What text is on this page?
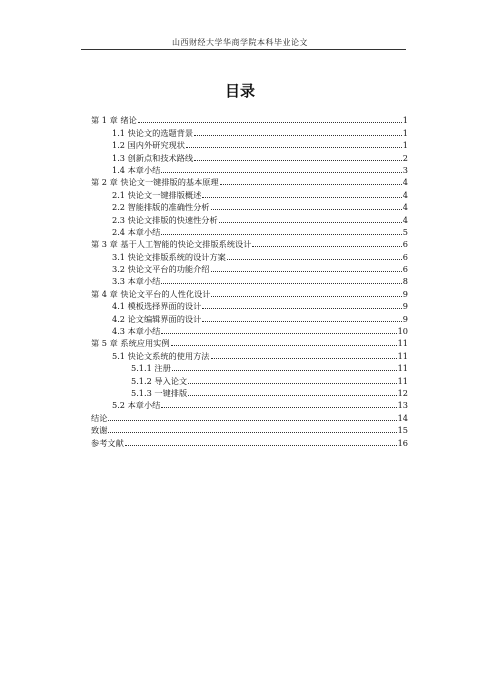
山西财经大学华商学院本科毕业论文
目录
第 1 章 绪论	1
1.1 快论文的选题背景	1
1.2 国内外研究现状	1
1.3 创新点和技术路线	2
1.4 本章小结	3
第 2 章 快论文一键排版的基本原理	4
2.1 快论文一键排版概述	4
2.2 智能排版的准确性分析	4
2.3 快论文排版的快速性分析	4
2.4 本章小结	5
第 3 章 基于人工智能的快论文排版系统设计	6
3.1 快论文排版系统的设计方案	6
3.2 快论文平台的功能介绍	6
3.3 本章小结	8
第 4 章 快论文平台的人性化设计	9
4.1 模板选择界面的设计	9
4.2 论文编辑界面的设计	9
4.3 本章小结	10
第 5 章 系统应用实例	11
5.1 快论文系统的使用方法	11
5.1.1 注册	11
5.1.2 导入论文	11
5.1.3 一键排版	12
5.2 本章小结	13
结论	14
致谢	15
参考文献	16
